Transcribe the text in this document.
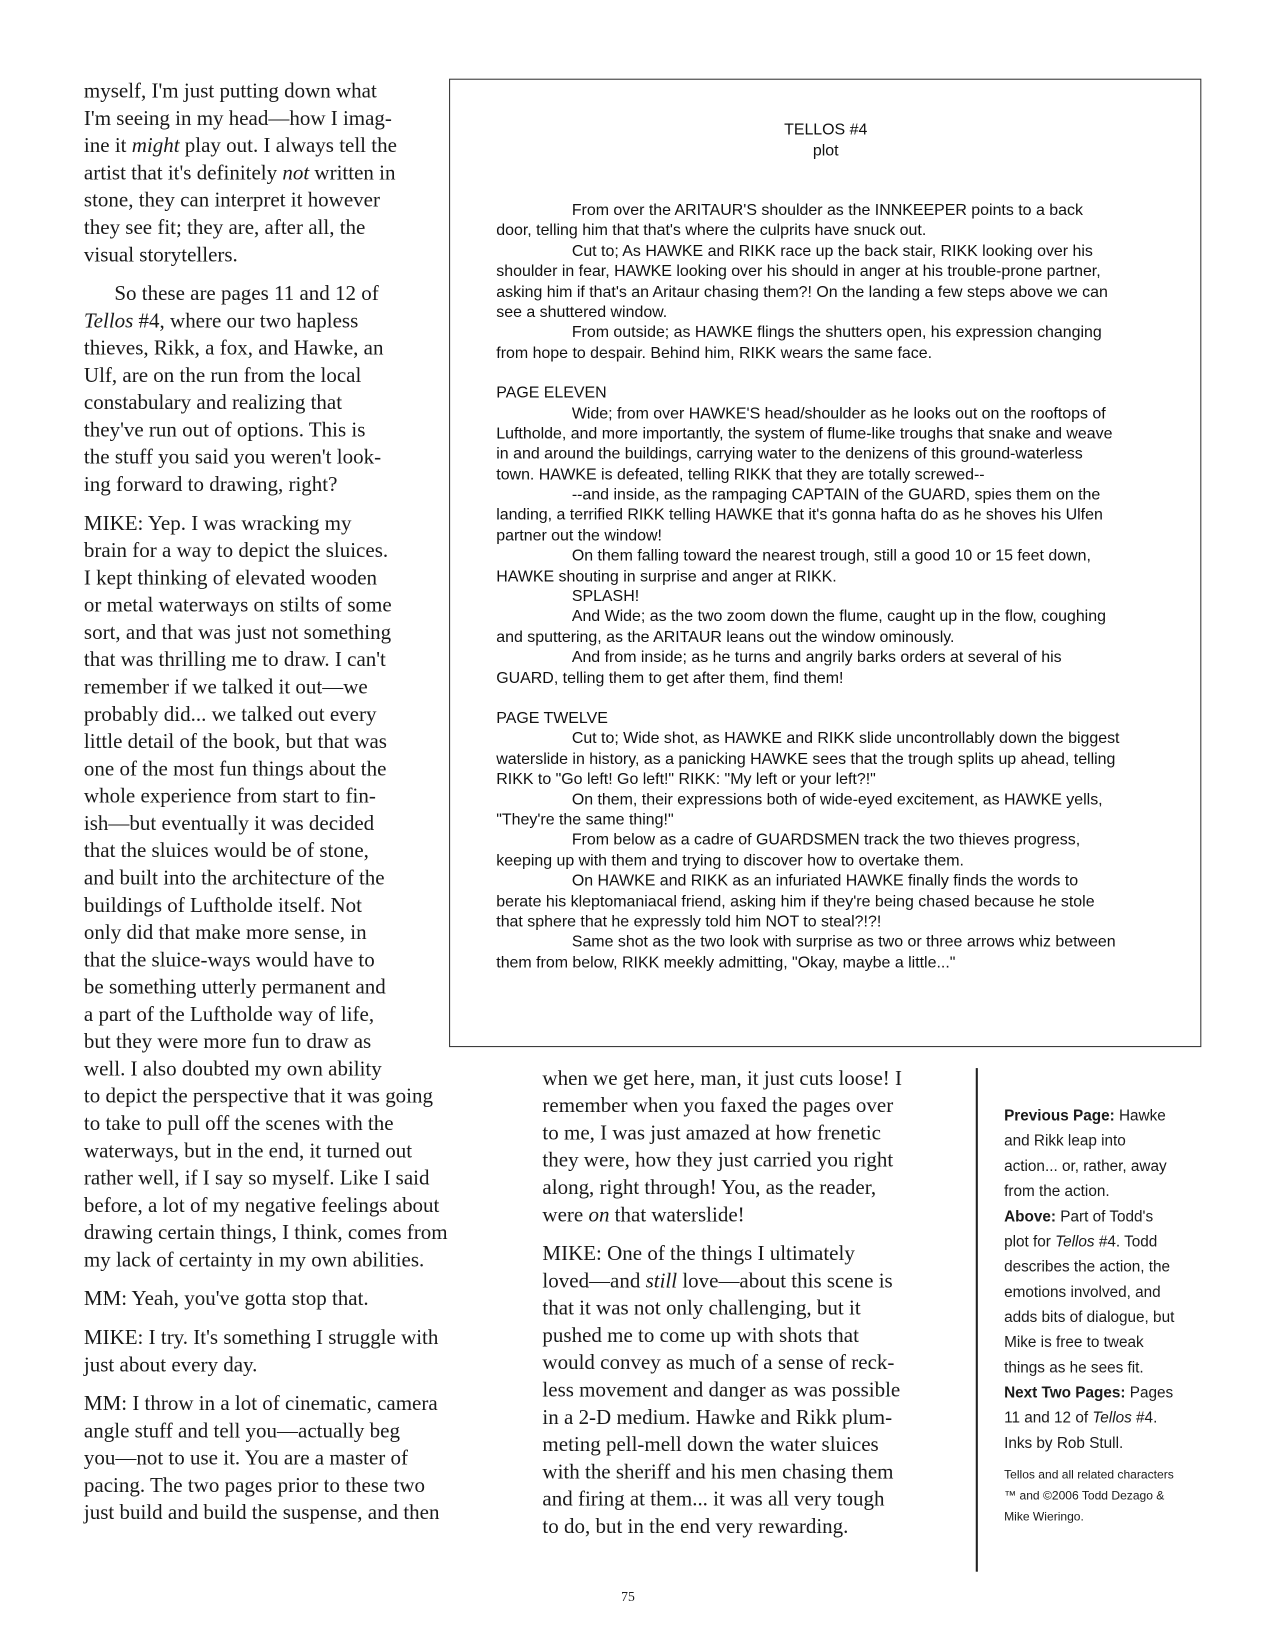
myself, I'm just putting down what
I'm seeing in my head—how I imag-
ine it might play out. I always tell the
artist that it's definitely not written in
stone, they can interpret it however
they see fit; they are, after all, the
visual storytellers.
So these are pages 11 and 12 of
Tellos #4, where our two hapless
thieves, Rikk, a fox, and Hawke, an
Ulf, are on the run from the local
constabulary and realizing that
they've run out of options. This is
the stuff you said you weren't look-
ing forward to drawing, right?
MIKE: Yep. I was wracking my
brain for a way to depict the sluices.
I kept thinking of elevated wooden
or metal waterways on stilts of some
sort, and that was just not something
that was thrilling me to draw. I can't
remember if we talked it out—we
probably did... we talked out every
little detail of the book, but that was
one of the most fun things about the
whole experience from start to fin-
ish—but eventually it was decided
that the sluices would be of stone,
and built into the architecture of the
buildings of Luftholde itself. Not
only did that make more sense, in
that the sluice-ways would have to
be something utterly permanent and
a part of the Luftholde way of life,
but they were more fun to draw as
well. I also doubted my own ability
to depict the perspective that it was going
to take to pull off the scenes with the
waterways, but in the end, it turned out
rather well, if I say so myself. Like I said
before, a lot of my negative feelings about
drawing certain things, I think, comes from
my lack of certainty in my own abilities.
MM: Yeah, you've gotta stop that.
MIKE: I try. It's something I struggle with
just about every day.
MM: I throw in a lot of cinematic, camera
angle stuff and tell you—actually beg
you—not to use it. You are a master of
pacing. The two pages prior to these two
just build and build the suspense, and then
TELLOS #4
plot
From over the ARITAUR'S shoulder as the INNKEEPER points to a back
door, telling him that that's where the culprits have snuck out.
Cut to; As HAWKE and RIKK race up the back stair, RIKK looking over his
shoulder in fear, HAWKE looking over his should in anger at his trouble-prone partner,
asking him if that's an Aritaur chasing them?! On the landing a few steps above we can
see a shuttered window.
From outside; as HAWKE flings the shutters open, his expression changing
from hope to despair. Behind him, RIKK wears the same face.
PAGE ELEVEN
Wide; from over HAWKE'S head/shoulder as he looks out on the rooftops of
Luftholde, and more importantly, the system of flume-like troughs that snake and weave
in and around the buildings, carrying water to the denizens of this ground-waterless
town. HAWKE is defeated, telling RIKK that they are totally screwed--
--and inside, as the rampaging CAPTAIN of the GUARD, spies them on the
landing, a terrified RIKK telling HAWKE that it's gonna hafta do as he shoves his Ulfen
partner out the window!
On them falling toward the nearest trough, still a good 10 or 15 feet down,
HAWKE shouting in surprise and anger at RIKK.
SPLASH!
And Wide; as the two zoom down the flume, caught up in the flow, coughing
and sputtering, as the ARITAUR leans out the window ominously.
And from inside; as he turns and angrily barks orders at several of his
GUARD, telling them to get after them, find them!
PAGE TWELVE
Cut to; Wide shot, as HAWKE and RIKK slide uncontrollably down the biggest
waterslide in history, as a panicking HAWKE sees that the trough splits up ahead, telling
RIKK to "Go left! Go left!" RIKK: "My left or your left?!"
On them, their expressions both of wide-eyed excitement, as HAWKE yells,
"They're the same thing!"
From below as a cadre of GUARDSMEN track the two thieves progress,
keeping up with them and trying to discover how to overtake them.
On HAWKE and RIKK as an infuriated HAWKE finally finds the words to
berate his kleptomaniacal friend, asking him if they're being chased because he stole
that sphere that he expressly told him NOT to steal?!?!
Same shot as the two look with surprise as two or three arrows whiz between
them from below, RIKK meekly admitting, "Okay, maybe a little..."
when we get here, man, it just cuts loose! I
remember when you faxed the pages over
to me, I was just amazed at how frenetic
they were, how they just carried you right
along, right through! You, as the reader,
were on that waterslide!
MIKE: One of the things I ultimately
loved—and still love—about this scene is
that it was not only challenging, but it
pushed me to come up with shots that
would convey as much of a sense of reck-
less movement and danger as was possible
in a 2-D medium. Hawke and Rikk plum-
meting pell-mell down the water sluices
with the sheriff and his men chasing them
and firing at them... it was all very tough
to do, but in the end very rewarding.
Previous Page: Hawke
and Rikk leap into
action... or, rather, away
from the action.
Above: Part of Todd's
plot for Tellos #4. Todd
describes the action, the
emotions involved, and
adds bits of dialogue, but
Mike is free to tweak
things as he sees fit.
Next Two Pages: Pages
11 and 12 of Tellos #4.
Inks by Rob Stull.
Tellos and all related characters
™ and ©2006 Todd Dezago &
Mike Wieringo.
75
